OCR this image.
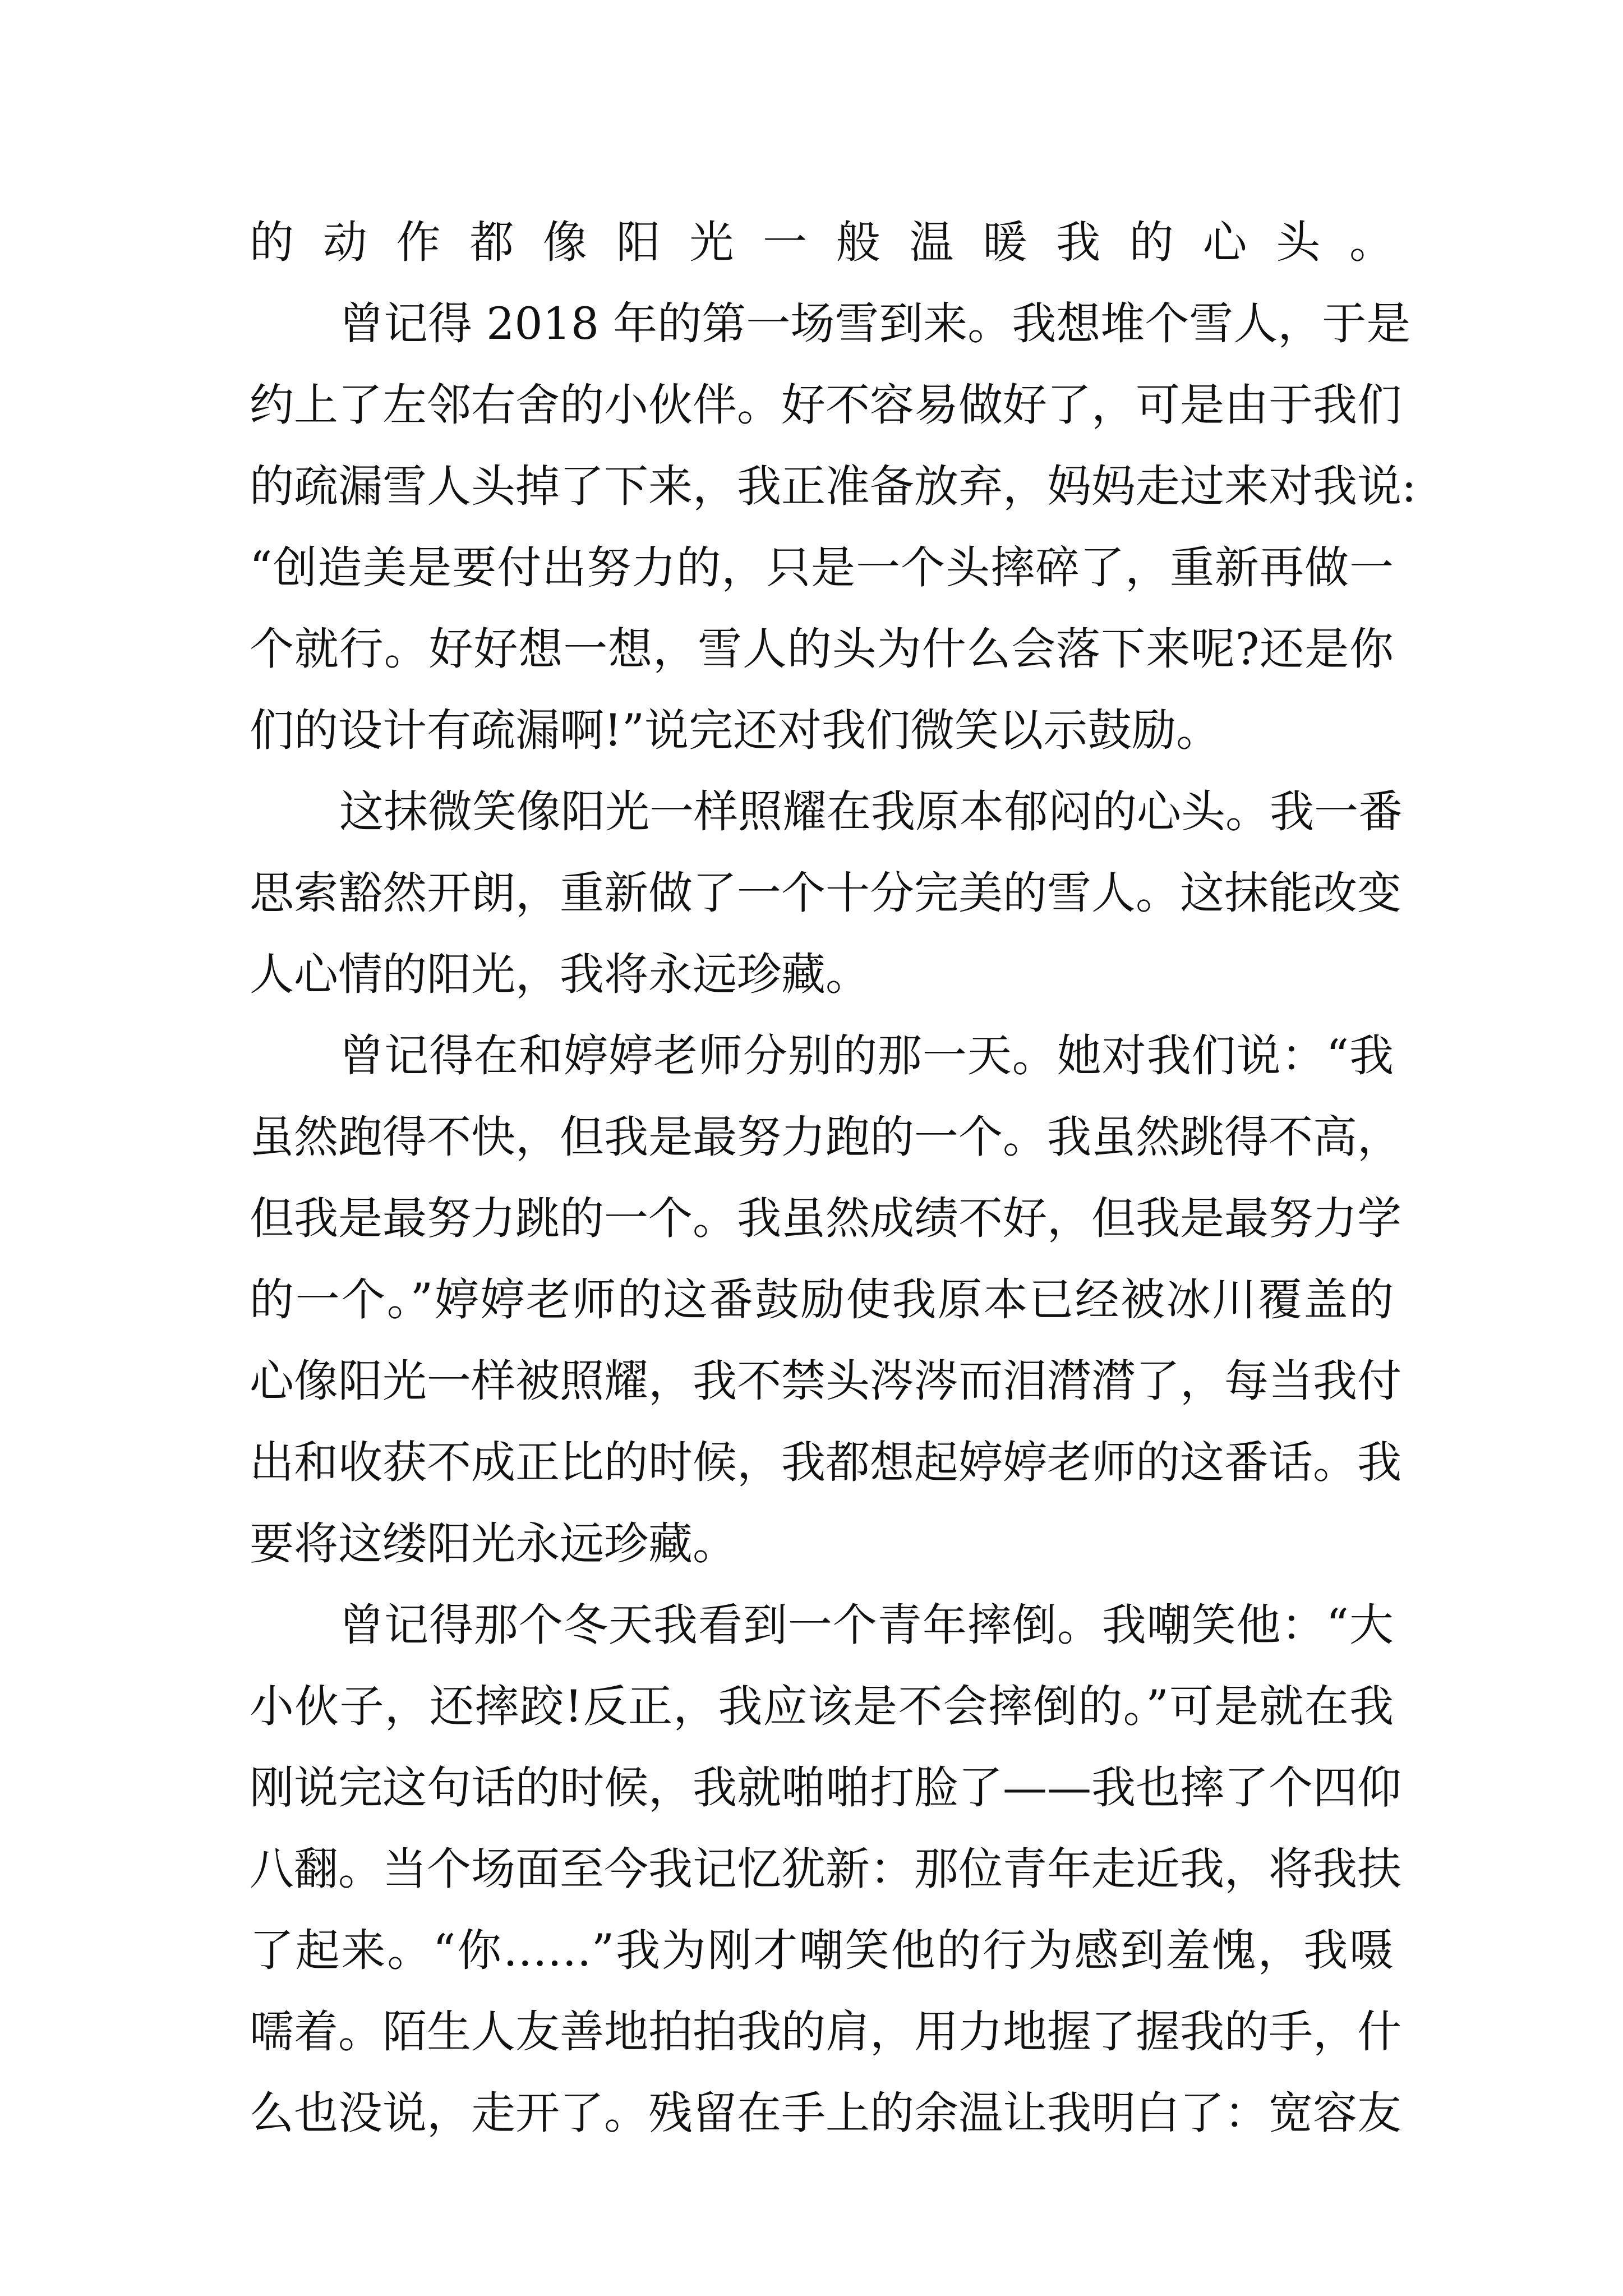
的动作都像阳光一般温暖我的心头。
曾记得 2018 年的第一场雪到来。我想堆个雪人，于是
约上了左邻右舍的小伙伴。好不容易做好了，可是由于我们
的疏漏雪人头掉了下来，我正准备放弃，妈妈走过来对我说:
“创造美是要付出努力的，只是一个头摔碎了，重新再做一
个就行。好好想一想，雪人的头为什么会落下来呢?还是你
们的设计有疏漏啊!”说完还对我们微笑以示鼓励。
这抹微笑像阳光一样照耀在我原本郁闷的心头。我一番
思索豁然开朗，重新做了一个十分完美的雪人。这抹能改变
人心情的阳光，我将永远珍藏。
曾记得在和婷婷老师分别的那一天。她对我们说：“我
虽然跑得不快，但我是最努力跑的一个。我虽然跳得不高，
但我是最努力跳的一个。我虽然成绩不好，但我是最努力学
的一个。”婷婷老师的这番鼓励使我原本已经被冰川覆盖的
心像阳光一样被照耀，我不禁头涔涔而泪潸潸了，每当我付
出和收获不成正比的时候，我都想起婷婷老师的这番话。我
要将这缕阳光永远珍藏。
曾记得那个冬天我看到一个青年摔倒。我嘲笑他：“大
小伙子，还摔跤!反正，我应该是不会摔倒的。”可是就在我
刚说完这句话的时候，我就啪啪打脸了——我也摔了个四仰
八翻。当个场面至今我记忆犹新：那位青年走近我，将我扶
了起来。“你……”我为刚才嘲笑他的行为感到羞愧，我嗫
嚅着。陌生人友善地拍拍我的肩，用力地握了握我的手，什
么也没说，走开了。残留在手上的余温让我明白了：宽容友
